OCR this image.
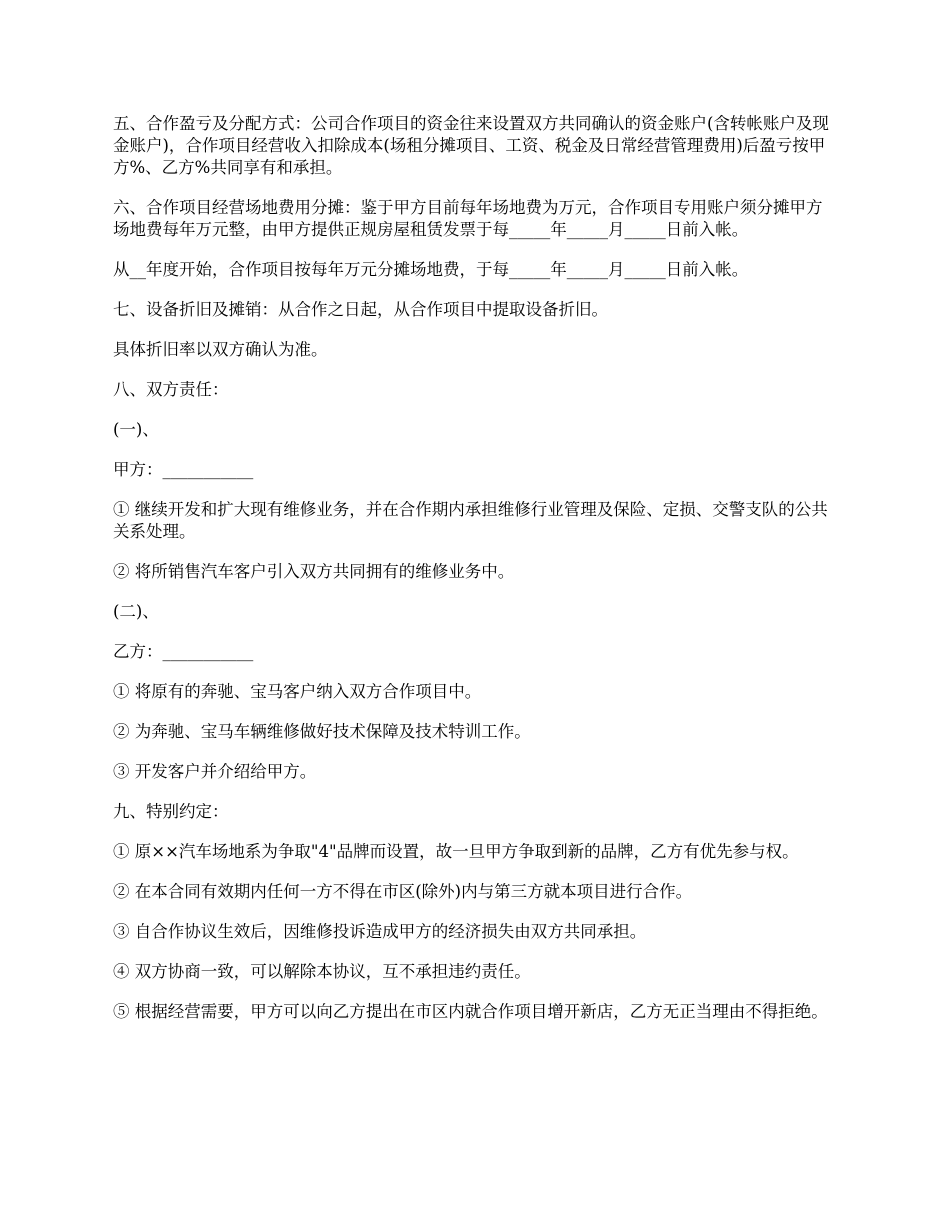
五、合作盈亏及分配方式：公司合作项目的资金往来设置双方共同确认的资金账户(含转帐账户及现金账户)，合作项目经营收入扣除成本(场租分摊项目、工资、税金及日常经营管理费用)后盈亏按甲方%、乙方%共同享有和承担。

六、合作项目经营场地费用分摊：鉴于甲方目前每年场地费为万元，合作项目专用账户须分摊甲方场地费每年万元整，由甲方提供正规房屋租赁发票于每_____年_____月_____日前入帐。

从__年度开始，合作项目按每年万元分摊场地费，于每_____年_____月_____日前入帐。

七、设备折旧及摊销：从合作之日起，从合作项目中提取设备折旧。

具体折旧率以双方确认为准。

八、双方责任：

(一)、

甲方：___________

① 继续开发和扩大现有维修业务，并在合作期内承担维修行业管理及保险、定损、交警支队的公共关系处理。

② 将所销售汽车客户引入双方共同拥有的维修业务中。

(二)、

乙方：___________

① 将原有的奔驰、宝马客户纳入双方合作项目中。

② 为奔驰、宝马车辆维修做好技术保障及技术特训工作。

③ 开发客户并介绍给甲方。

九、特别约定：

① 原××汽车场地系为争取"4"品牌而设置，故一旦甲方争取到新的品牌，乙方有优先参与权。

② 在本合同有效期内任何一方不得在市区(除外)内与第三方就本项目进行合作。

③ 自合作协议生效后，因维修投诉造成甲方的经济损失由双方共同承担。

④ 双方协商一致，可以解除本协议，互不承担违约责任。

⑤ 根据经营需要，甲方可以向乙方提出在市区内就合作项目增开新店，乙方无正当理由不得拒绝。
